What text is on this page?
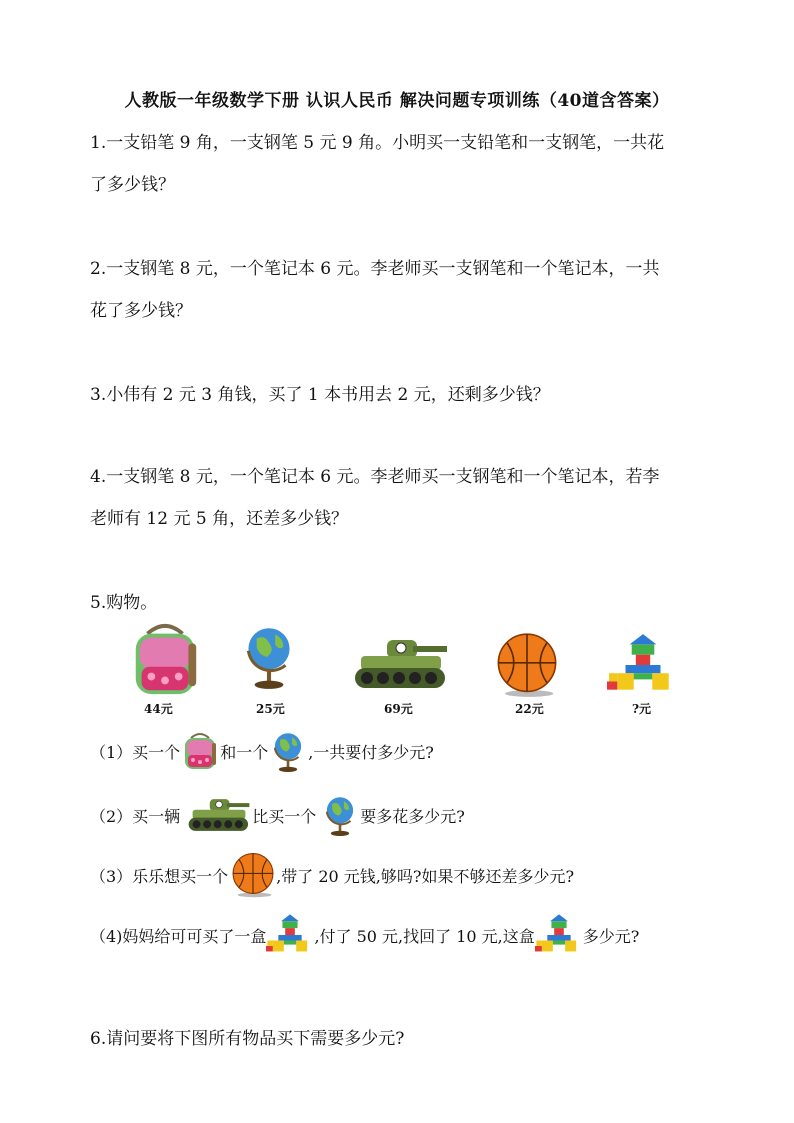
人教版一年级数学下册 认识人民币 解决问题专项训练（40道含答案）
1.一支铅笔 9 角，一支钢笔 5 元 9 角。小明买一支铅笔和一支钢笔，一共花
了多少钱？
2.一支钢笔 8 元，一个笔记本 6 元。李老师买一支钢笔和一个笔记本，一共
花了多少钱？
3.小伟有 2 元 3 角钱，买了 1 本书用去 2 元，还剩多少钱？
4.一支钢笔 8 元，一个笔记本 6 元。李老师买一支钢笔和一个笔记本，若李
老师有 12 元 5 角，还差多少钱？
5.购物。
44元	25元	69元	22元	?元
（1）买一个	和一个	,一共要付多少元?
（2）买一辆	比买一个	要多花多少元?
（3）乐乐想买一个	,带了 20 元钱,够吗?如果不够还差多少元?
（4)妈妈给可可买了一盒	,付了 50 元,找回了 10 元,这盒	多少元?
6.请问要将下图所有物品买下需要多少元?
